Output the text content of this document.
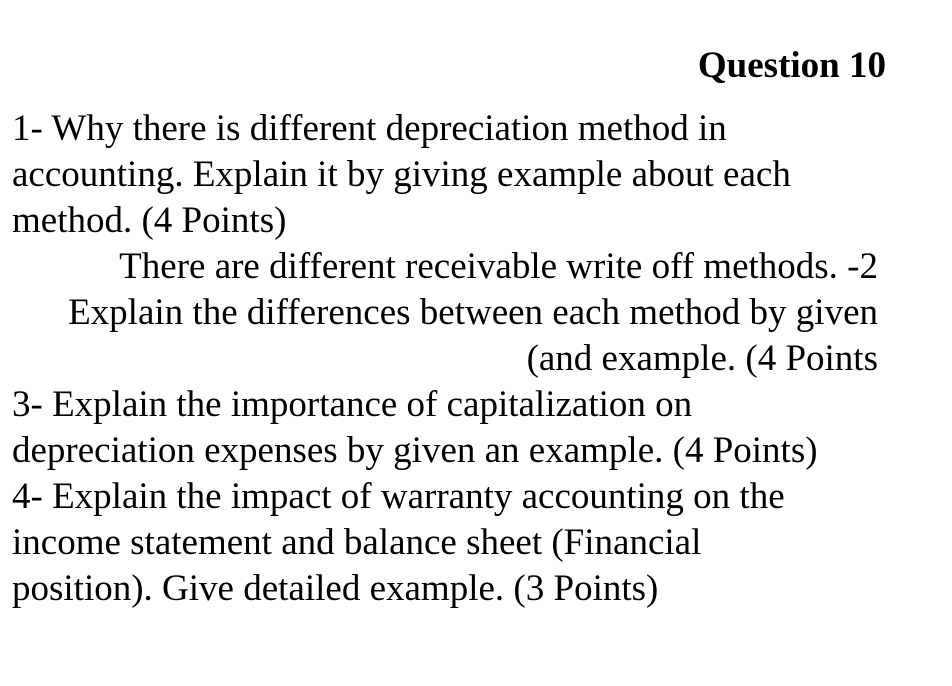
Question 10
1- Why there is different depreciation method in
accounting. Explain it by giving example about each
method. (4 Points)
There are different receivable write off methods. -2
Explain the differences between each method by given
(and example. (4 Points
3- Explain the importance of capitalization on
depreciation expenses by given an example. (4 Points)
4- Explain the impact of warranty accounting on the
income statement and balance sheet (Financial
position). Give detailed example. (3 Points)
